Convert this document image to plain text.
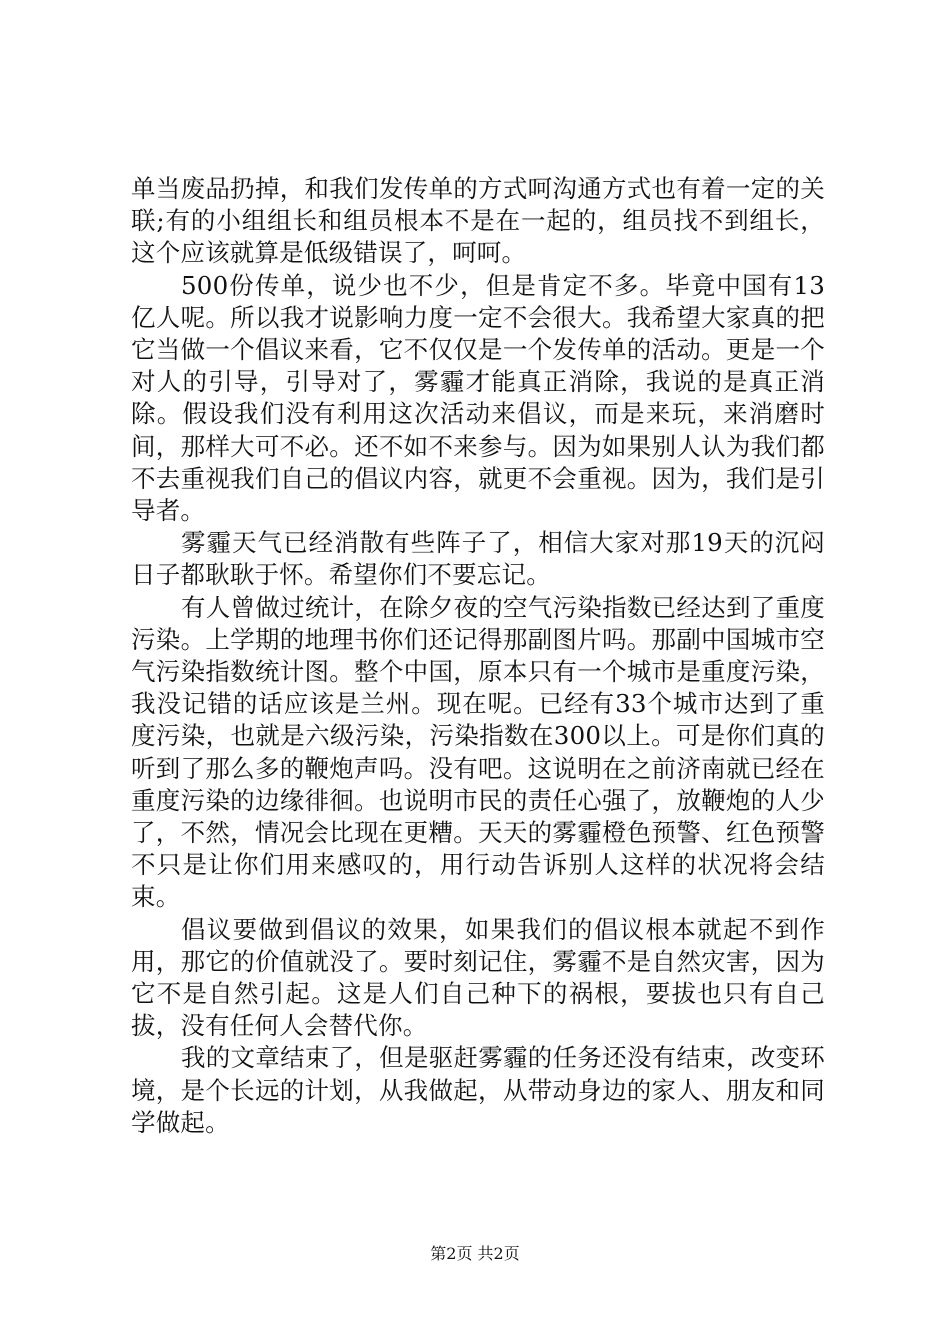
单当废品扔掉，和我们发传单的方式呵沟通方式也有着一定的关联;有的小组组长和组员根本不是在一起的，组员找不到组长，这个应该就算是低级错误了，呵呵。

500份传单，说少也不少，但是肯定不多。毕竟中国有13亿人呢。所以我才说影响力度一定不会很大。我希望大家真的把它当做一个倡议来看，它不仅仅是一个发传单的活动。更是一个对人的引导，引导对了，雾霾才能真正消除，我说的是真正消除。假设我们没有利用这次活动来倡议，而是来玩，来消磨时间，那样大可不必。还不如不来参与。因为如果别人认为我们都不去重视我们自己的倡议内容，就更不会重视。因为，我们是引导者。

雾霾天气已经消散有些阵子了，相信大家对那19天的沉闷日子都耿耿于怀。希望你们不要忘记。

有人曾做过统计，在除夕夜的空气污染指数已经达到了重度污染。上学期的地理书你们还记得那副图片吗。那副中国城市空气污染指数统计图。整个中国，原本只有一个城市是重度污染，我没记错的话应该是兰州。现在呢。已经有33个城市达到了重度污染，也就是六级污染，污染指数在300以上。可是你们真的听到了那么多的鞭炮声吗。没有吧。这说明在之前济南就已经在重度污染的边缘徘徊。也说明市民的责任心强了，放鞭炮的人少了，不然，情况会比现在更糟。天天的雾霾橙色预警、红色预警不只是让你们用来感叹的，用行动告诉别人这样的状况将会结束。

倡议要做到倡议的效果，如果我们的倡议根本就起不到作用，那它的价值就没了。要时刻记住，雾霾不是自然灾害，因为它不是自然引起。这是人们自己种下的祸根，要拔也只有自己拔，没有任何人会替代你。

我的文章结束了，但是驱赶雾霾的任务还没有结束，改变环境，是个长远的计划，从我做起，从带动身边的家人、朋友和同学做起。

第2页 共2页
